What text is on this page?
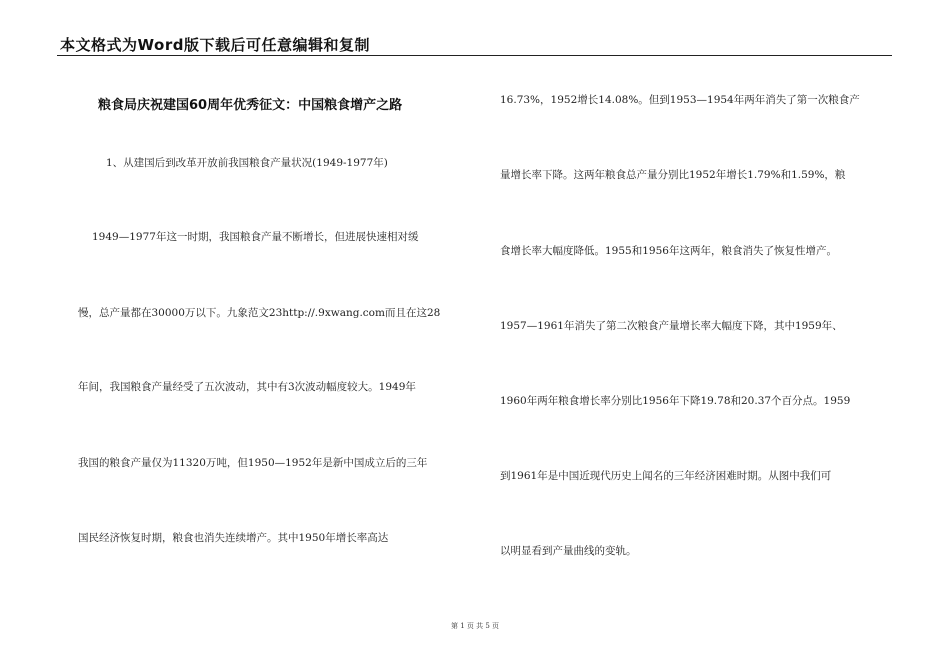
本文格式为Word版下载后可任意编辑和复制
粮食局庆祝建国60周年优秀征文：中国粮食增产之路
1、从建国后到改革开放前我国粮食产量状况(1949-1977年)
1949—1977年这一时期，我国粮食产量不断增长，但进展快速相对缓
慢，总产量都在30000万以下。九象范文23http://.9xwang.com而且在这28
年间，我国粮食产量经受了五次波动，其中有3次波动幅度较大。1949年
我国的粮食产量仅为11320万吨，但1950—1952年是新中国成立后的三年
国民经济恢复时期，粮食也消失连续增产。其中1950年增长率高达
16.73%，1952增长14.08%。但到1953—1954年两年消失了第一次粮食产
量增长率下降。这两年粮食总产量分别比1952年增长1.79%和1.59%，粮
食增长率大幅度降低。1955和1956年这两年，粮食消失了恢复性增产。
1957—1961年消失了第二次粮食产量增长率大幅度下降，其中1959年、
1960年两年粮食增长率分别比1956年下降19.78和20.37个百分点。1959
到1961年是中国近现代历史上闻名的三年经济困难时期。从图中我们可
以明显看到产量曲线的变轨。
第 1 页 共 5 页
